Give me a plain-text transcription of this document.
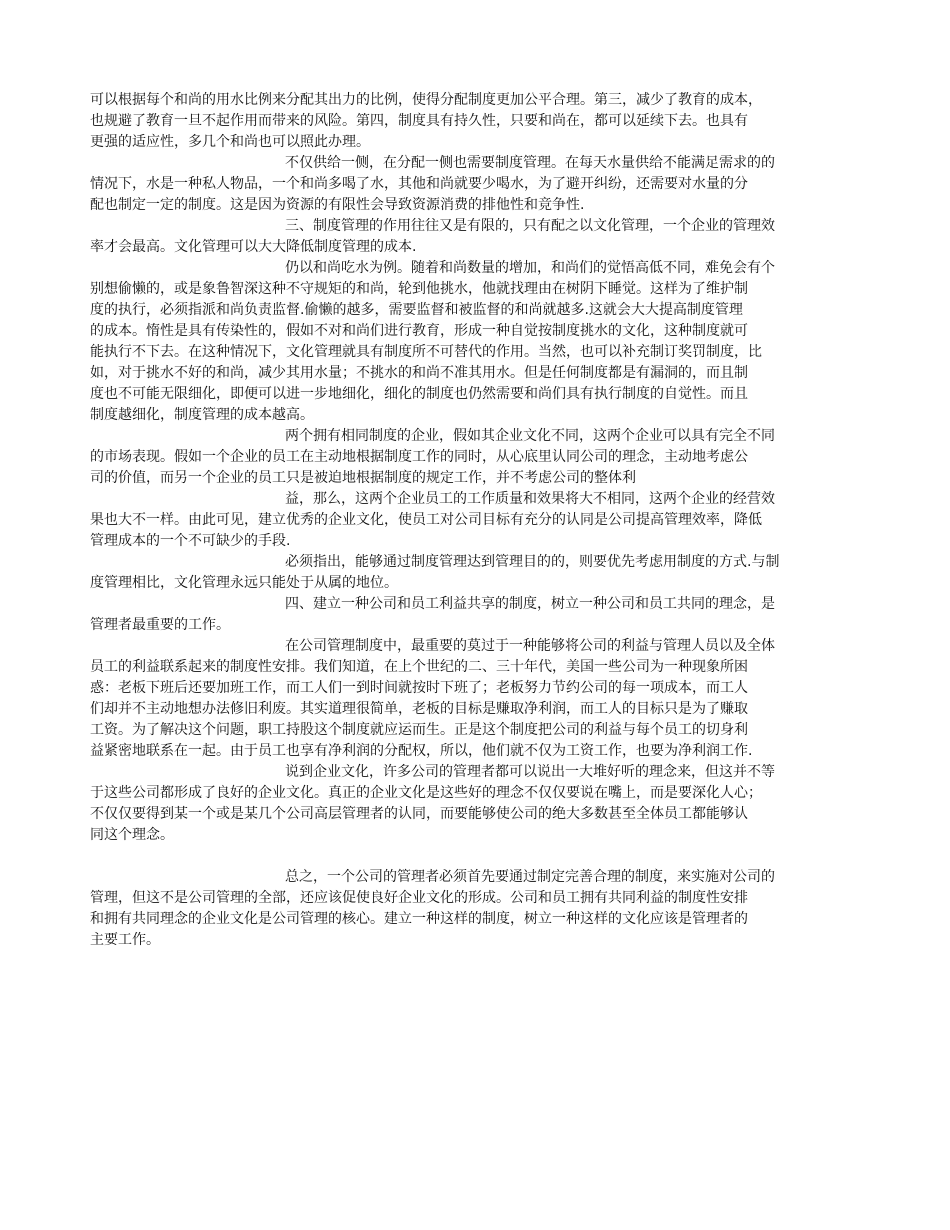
可以根据每个和尚的用水比例来分配其出力的比例，使得分配制度更加公平合理。第三，减少了教育的成本，
也规避了教育一旦不起作用而带来的风险。第四，制度具有持久性，只要和尚在，都可以延续下去。也具有
更强的适应性，多几个和尚也可以照此办理。
不仅供给一侧，在分配一侧也需要制度管理。在每天水量供给不能满足需求的的
情况下，水是一种私人物品，一个和尚多喝了水，其他和尚就要少喝水，为了避开纠纷，还需要对水量的分
配也制定一定的制度。这是因为资源的有限性会导致资源消费的排他性和竞争性.
三、制度管理的作用往往又是有限的，只有配之以文化管理，一个企业的管理效
率才会最高。文化管理可以大大降低制度管理的成本.
仍以和尚吃水为例。随着和尚数量的增加，和尚们的觉悟高低不同，难免会有个
别想偷懒的，或是象鲁智深这种不守规矩的和尚，轮到他挑水，他就找理由在树阴下睡觉。这样为了维护制
度的执行，必须指派和尚负责监督.偷懒的越多，需要监督和被监督的和尚就越多.这就会大大提高制度管理
的成本。惰性是具有传染性的，假如不对和尚们进行教育，形成一种自觉按制度挑水的文化，这种制度就可
能执行不下去。在这种情况下，文化管理就具有制度所不可替代的作用。当然，也可以补充制订奖罚制度，比
如，对于挑水不好的和尚，减少其用水量；不挑水的和尚不准其用水。但是任何制度都是有漏洞的，而且制
度也不可能无限细化，即便可以进一步地细化，细化的制度也仍然需要和尚们具有执行制度的自觉性。而且
制度越细化，制度管理的成本越高。
两个拥有相同制度的企业，假如其企业文化不同，这两个企业可以具有完全不同
的市场表现。假如一个企业的员工在主动地根据制度工作的同时，从心底里认同公司的理念，主动地考虑公
司的价值，而另一个企业的员工只是被迫地根据制度的规定工作，并不考虑公司的整体利
益，那么，这两个企业员工的工作质量和效果将大不相同，这两个企业的经营效
果也大不一样。由此可见，建立优秀的企业文化，使员工对公司目标有充分的认同是公司提高管理效率，降低
管理成本的一个不可缺少的手段.
必须指出，能够通过制度管理达到管理目的的，则要优先考虑用制度的方式.与制
度管理相比，文化管理永远只能处于从属的地位。
四、建立一种公司和员工利益共享的制度，树立一种公司和员工共同的理念，是
管理者最重要的工作。
在公司管理制度中，最重要的莫过于一种能够将公司的利益与管理人员以及全体
员工的利益联系起来的制度性安排。我们知道，在上个世纪的二、三十年代，美国一些公司为一种现象所困
惑：老板下班后还要加班工作，而工人们一到时间就按时下班了；老板努力节约公司的每一项成本，而工人
们却并不主动地想办法修旧利废。其实道理很简单，老板的目标是赚取净利润，而工人的目标只是为了赚取
工资。为了解决这个问题，职工持股这个制度就应运而生。正是这个制度把公司的利益与每个员工的切身利
益紧密地联系在一起。由于员工也享有净利润的分配权，所以，他们就不仅为工资工作，也要为净利润工作.
说到企业文化，许多公司的管理者都可以说出一大堆好听的理念来，但这并不等
于这些公司都形成了良好的企业文化。真正的企业文化是这些好的理念不仅仅要说在嘴上，而是要深化人心；
不仅仅要得到某一个或是某几个公司高层管理者的认同，而要能够使公司的绝大多数甚至全体员工都能够认
同这个理念。
总之，一个公司的管理者必须首先要通过制定完善合理的制度，来实施对公司的
管理，但这不是公司管理的全部，还应该促使良好企业文化的形成。公司和员工拥有共同利益的制度性安排
和拥有共同理念的企业文化是公司管理的核心。建立一种这样的制度，树立一种这样的文化应该是管理者的
主要工作。
